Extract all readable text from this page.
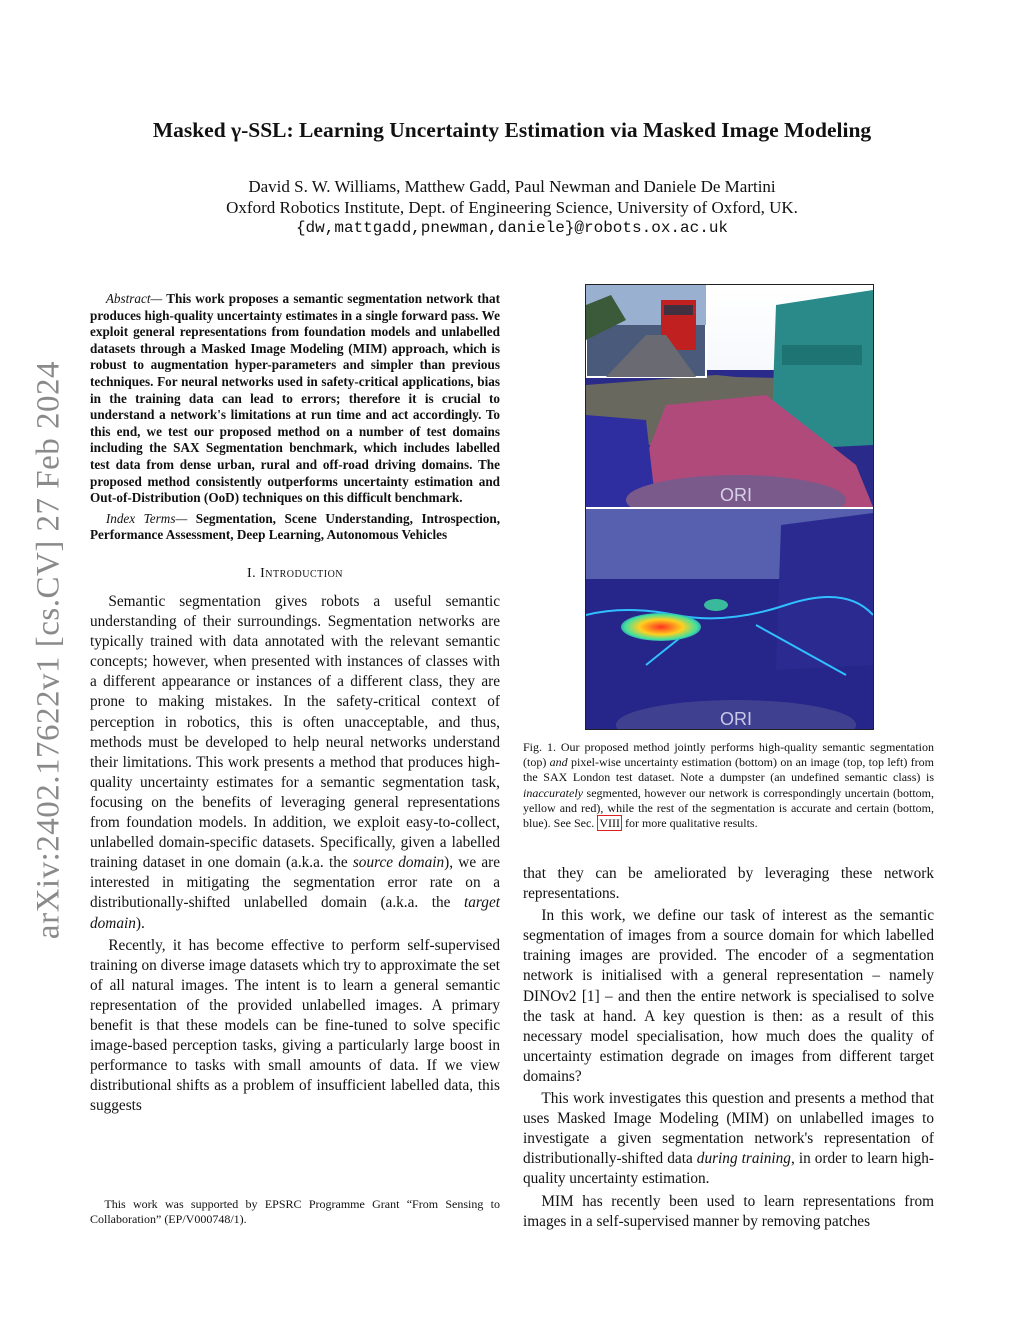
arXiv:2402.17622v1 [cs.CV] 27 Feb 2024
Masked γ-SSL: Learning Uncertainty Estimation via Masked Image Modeling
David S. W. Williams, Matthew Gadd, Paul Newman and Daniele De Martini
Oxford Robotics Institute, Dept. of Engineering Science, University of Oxford, UK.
{dw,mattgadd,pnewman,daniele}@robots.ox.ac.uk

Abstract— This work proposes a semantic segmentation network that produces high-quality uncertainty estimates in a single forward pass. We exploit general representations from foundation models and unlabelled datasets through a Masked Image Modeling (MIM) approach, which is robust to augmentation hyper-parameters and simpler than previous techniques. For neural networks used in safety-critical applications, bias in the training data can lead to errors; therefore it is crucial to understand a network's limitations at run time and act accordingly. To this end, we test our proposed method on a number of test domains including the SAX Segmentation benchmark, which includes labelled test data from dense urban, rural and off-road driving domains. The proposed method consistently outperforms uncertainty estimation and Out-of-Distribution (OoD) techniques on this difficult benchmark.

Index Terms— Segmentation, Scene Understanding, Introspection, Performance Assessment, Deep Learning, Autonomous Vehicles

I. Introduction

Semantic segmentation gives robots a useful semantic understanding of their surroundings. Segmentation networks are typically trained with data annotated with the relevant semantic concepts; however, when presented with instances of classes with a different appearance or instances of a different class, they are prone to making mistakes. In the safety-critical context of perception in robotics, this is often unacceptable, and thus, methods must be developed to help neural networks understand their limitations. This work presents a method that produces high-quality uncertainty estimates for a semantic segmentation task, focusing on the benefits of leveraging general representations from foundation models. In addition, we exploit easy-to-collect, unlabelled domain-specific datasets. Specifically, given a labelled training dataset in one domain (a.k.a. the source domain), we are interested in mitigating the segmentation error rate on a distributionally-shifted unlabelled domain (a.k.a. the target domain).

Recently, it has become effective to perform self-supervised training on diverse image datasets which try to approximate the set of all natural images. The intent is to learn a general semantic representation of the provided unlabelled images. A primary benefit is that these models can be fine-tuned to solve specific image-based perception tasks, giving a particularly large boost in performance to tasks with small amounts of data. If we view distributional shifts as a problem of insufficient labelled data, this suggests

This work was supported by EPSRC Programme Grant “From Sensing to Collaboration” (EP/V000748/1).
ORI
ORI
Fig. 1. Our proposed method jointly performs high-quality semantic segmentation (top) and pixel-wise uncertainty estimation (bottom) on an image (top, top left) from the SAX London test dataset. Note a dumpster (an undefined semantic class) is inaccurately segmented, however our network is correspondingly uncertain (bottom, yellow and red), while the rest of the segmentation is accurate and certain (bottom, blue). See Sec. VIII for more qualitative results.

that they can be ameliorated by leveraging these network representations.

In this work, we define our task of interest as the semantic segmentation of images from a source domain for which labelled training images are provided. The encoder of a segmentation network is initialised with a general representation – namely DINOv2 [1] – and then the entire network is specialised to solve the task at hand. A key question is then: as a result of this necessary model specialisation, how much does the quality of uncertainty estimation degrade on images from different target domains?

This work investigates this question and presents a method that uses Masked Image Modeling (MIM) on unlabelled images to investigate a given segmentation network's representation of distributionally-shifted data during training, in order to learn high-quality uncertainty estimation.

MIM has recently been used to learn representations from images in a self-supervised manner by removing patches
